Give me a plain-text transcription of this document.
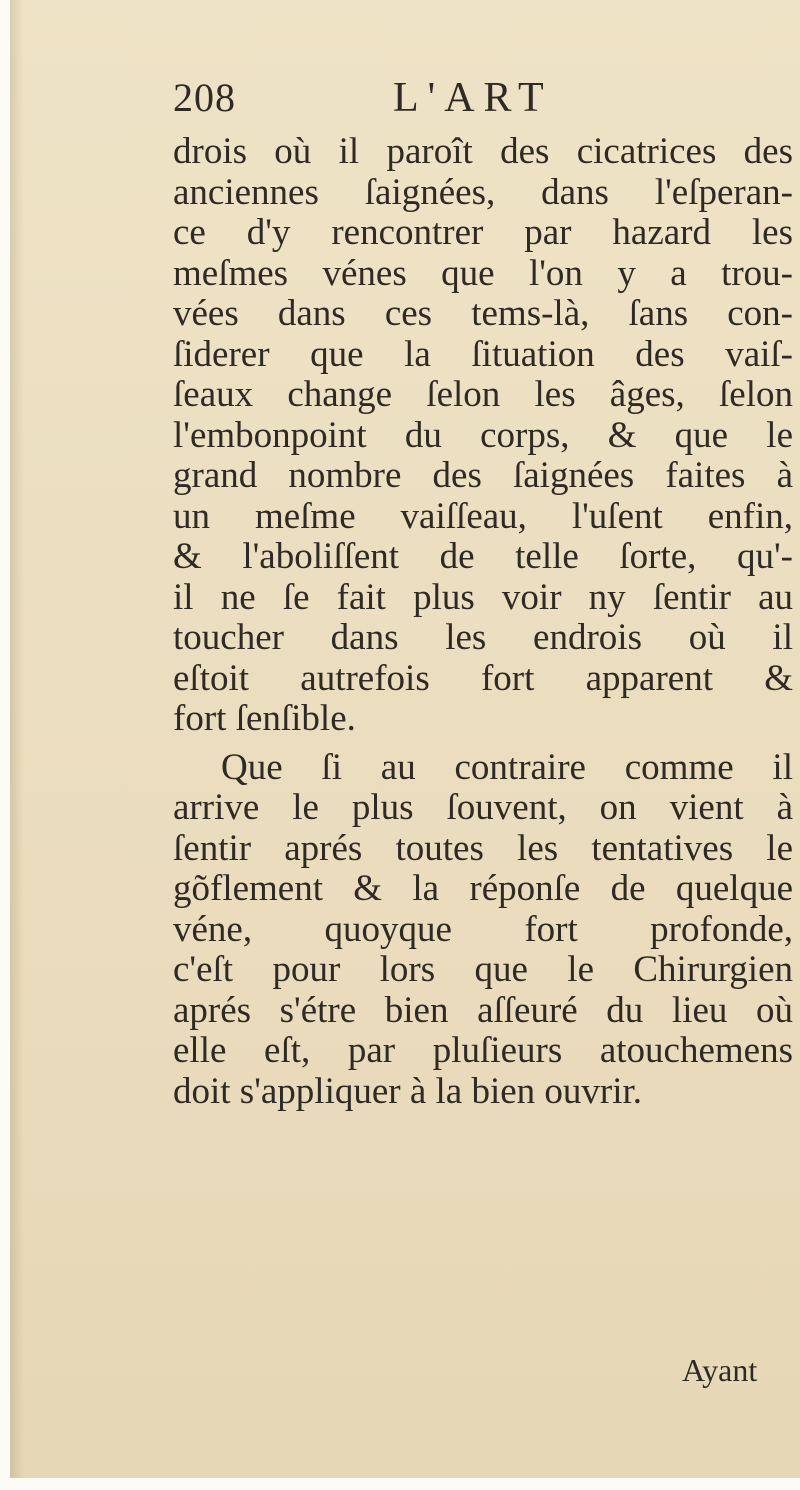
208	L'ART
drois où il paroît des cicatrices des
anciennes ſaignées, dans l'eſperan-
ce d'y rencontrer par hazard les
meſmes vénes que l'on y a trou-
vées dans ces tems-là, ſans con-
ſiderer que la ſituation des vaiſ-
ſeaux change ſelon les âges, ſelon
l'embonpoint du corps, & que le
grand nombre des ſaignées faites à
un meſme vaiſſeau, l'uſent enfin,
& l'aboliſſent de telle ſorte, qu'-
il ne ſe fait plus voir ny ſentir au
toucher dans les endrois où il
eſtoit autrefois fort apparent &
fort ſenſible.
Que ſi au contraire comme il
arrive le plus ſouvent, on vient à
ſentir aprés toutes les tentatives le
gõflement & la réponſe de quelque
véne, quoyque fort profonde,
c'eſt pour lors que le Chirurgien
aprés s'étre bien aſſeuré du lieu où
elle eſt, par pluſieurs atouchemens
doit s'appliquer à la bien ouvrir.
Ayant
